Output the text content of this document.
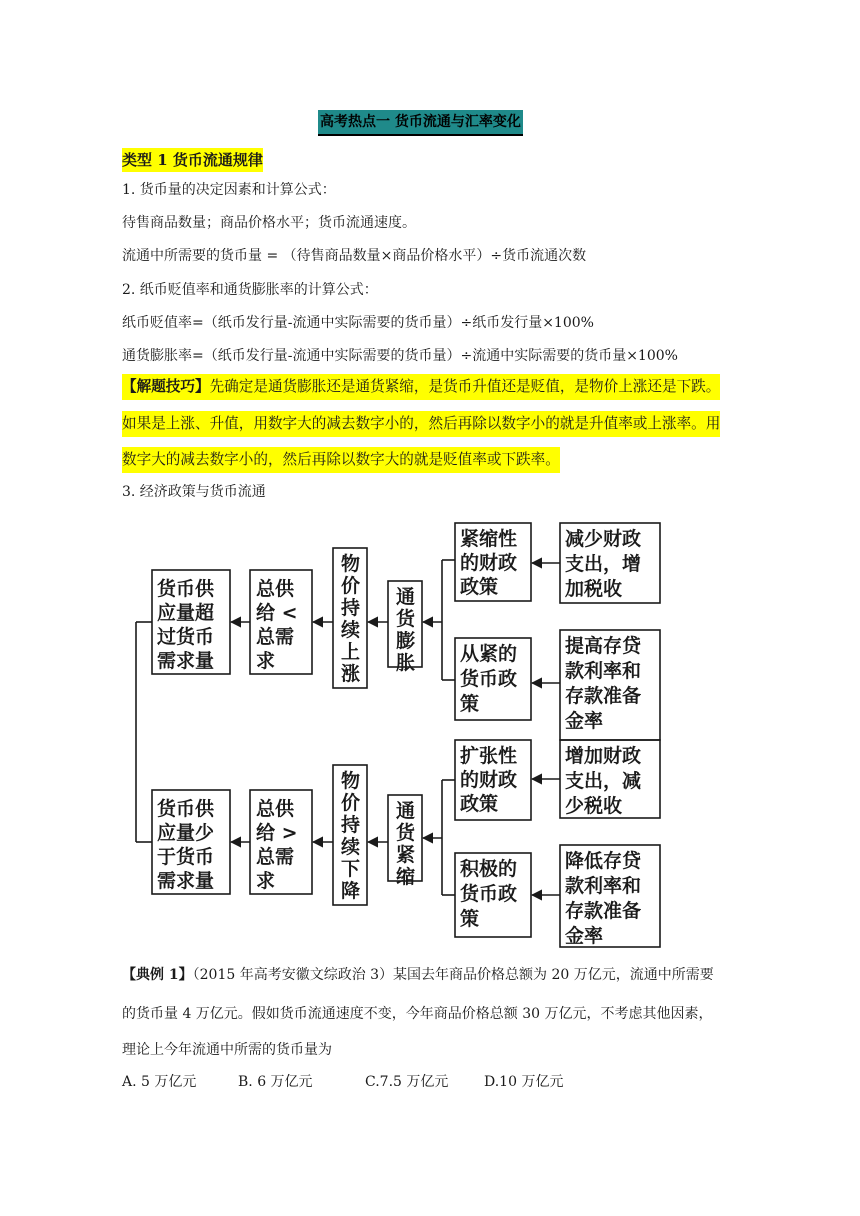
高考热点一 货币流通与汇率变化
类型 1 货币流通规律
1. 货币量的决定因素和计算公式：
待售商品数量；商品价格水平；货币流通速度。
流通中所需要的货币量 = （待售商品数量×商品价格水平）÷货币流通次数
2. 纸币贬值率和通货膨胀率的计算公式：
纸币贬值率=（纸币发行量-流通中实际需要的货币量）÷纸币发行量×100%
通货膨胀率=（纸币发行量-流通中实际需要的货币量）÷流通中实际需要的货币量×100%
【解题技巧】先确定是通货膨胀还是通货紧缩，是货币升值还是贬值，是物价上涨还是下跌。
如果是上涨、升值，用数字大的减去数字小的，然后再除以数字小的就是升值率或上涨率。用
数字大的减去数字小的，然后再除以数字大的就是贬值率或下跌率。
3. 经济政策与货币流通
货币供
应量超
过货币
需求量
总供
给 <
总需
求
物
价
持
续
上
涨
通
货
膨
胀
紧缩性
的财政
政策
减少财政
支出，增
加税收
从紧的
货币政
策
提高存贷
款利率和
存款准备
金率
货币供
应量少
于货币
需求量
总供
给 >
总需
求
物
价
持
续
下
降
通
货
紧
缩
扩张性
的财政
政策
增加财政
支出，减
少税收
积极的
货币政
策
降低存贷
款利率和
存款准备
金率
【典例 1】（2015 年高考安徽文综政治 3）某国去年商品价格总额为 20 万亿元，流通中所需要
的货币量 4 万亿元。假如货币流通速度不变，今年商品价格总额 30 万亿元，不考虑其他因素，
理论上今年流通中所需的货币量为
A. 5 万亿元	B. 6 万亿元	C.7.5 万亿元	D.10 万亿元
